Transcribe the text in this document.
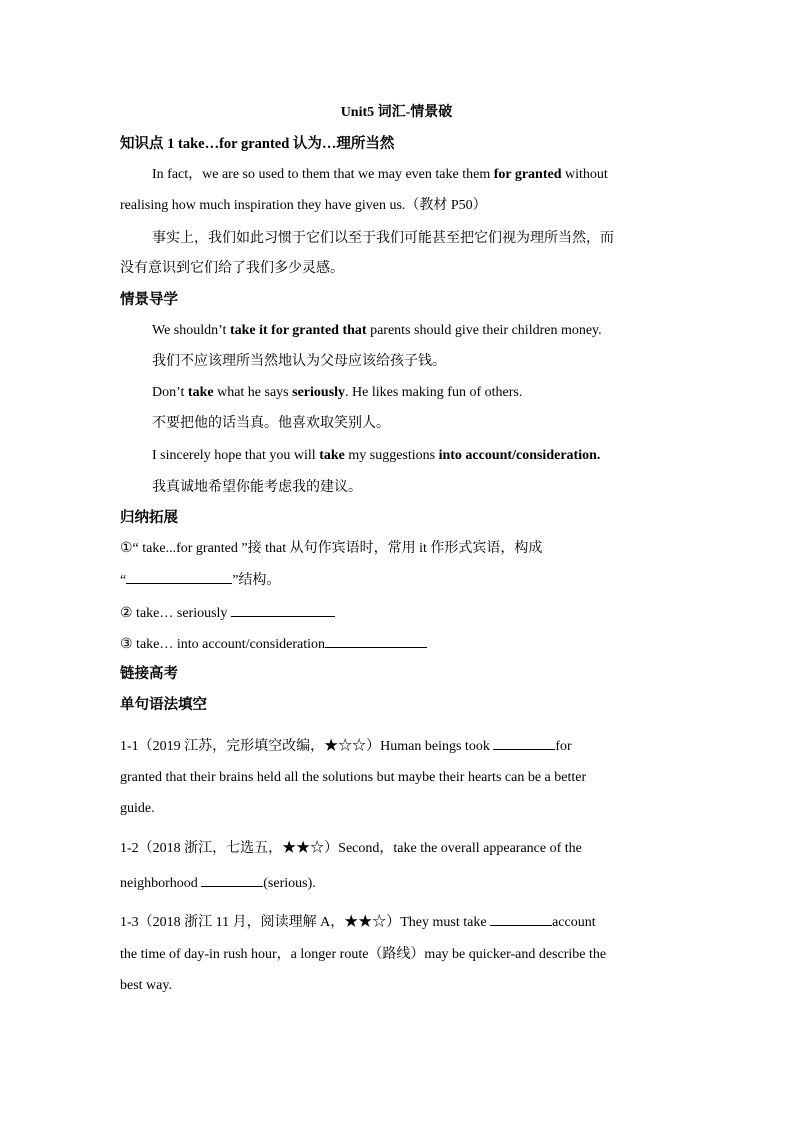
Unit5 词汇-情景破
知识点 1 take…for granted 认为…理所当然
In fact，we are so used to them that we may even take them for granted without
realising how much inspiration they have given us.（教材 P50）
事实上，我们如此习惯于它们以至于我们可能甚至把它们视为理所当然，而
没有意识到它们给了我们多少灵感。
情景导学
We shouldn’t take it for granted that parents should give their children money.
我们不应该理所当然地认为父母应该给孩子钱。
Don’t take what he says seriously. He likes making fun of others.
不要把他的话当真。他喜欢取笑别人。
I sincerely hope that you will take my suggestions into account/consideration.
我真诚地希望你能考虑我的建议。
归纳拓展
①“ take...for granted ”接 that 从句作宾语时，常用 it 作形式宾语，构成
“	”结构。
② take… seriously
③ take… into account/consideration
链接高考
单句语法填空
1-1（2019 江苏，完形填空改编，★☆☆）Human beings took	for
granted that their brains held all the solutions but maybe their hearts can be a better
guide.
1-2（2018 浙江，七选五，★★☆）Second，take the overall appearance of the
neighborhood	(serious).
1-3（2018 浙江 11 月，阅读理解 A，★★☆）They must take	account
the time of day-in rush hour，a longer route（路线）may be quicker-and describe the
best way.
